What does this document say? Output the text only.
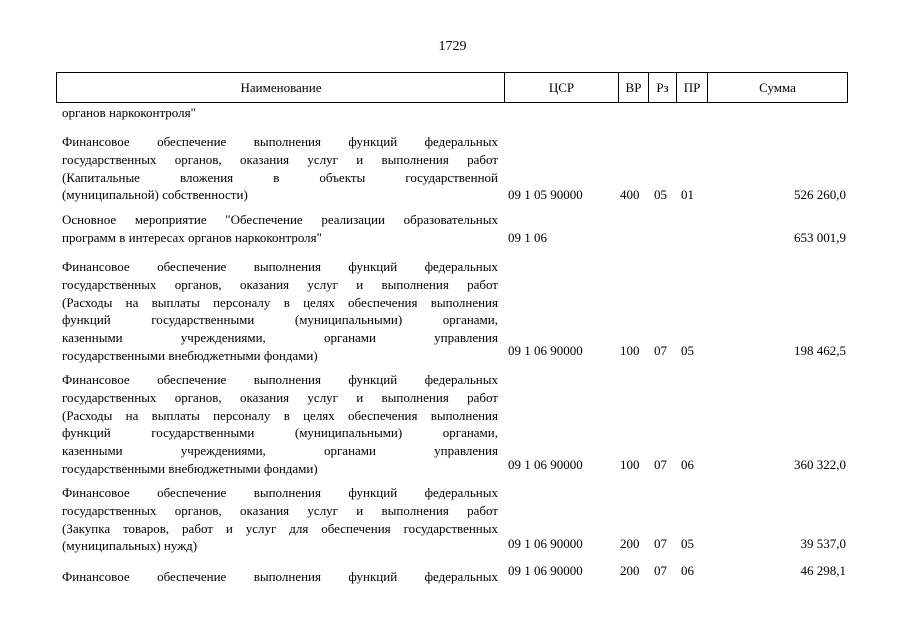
1729
Наименование	ЦСР	ВР	Рз	ПР	Сумма
органов наркоконтроля"
Финансовое обеспечение выполнения функций федеральных
государственных органов, оказания услуг и выполнения работ
(Капитальные вложения в объекты государственной
(муниципальной) собственности)	09 1 05 90000	400 05 01	526 260,0
Основное мероприятие "Обеспечение реализации образовательных
программ в интересах органов наркоконтроля"	09 1 06	653 001,9
Финансовое обеспечение выполнения функций федеральных
государственных органов, оказания услуг и выполнения работ
(Расходы на выплаты персоналу в целях обеспечения выполнения
функций государственными (муниципальными) органами,
казенными учреждениями, органами управления
государственными внебюджетными фондами)	09 1 06 90000	100 07 05	198 462,5
Финансовое обеспечение выполнения функций федеральных
государственных органов, оказания услуг и выполнения работ
(Расходы на выплаты персоналу в целях обеспечения выполнения
функций государственными (муниципальными) органами,
казенными учреждениями, органами управления
государственными внебюджетными фондами)	09 1 06 90000	100 07 06	360 322,0
Финансовое обеспечение выполнения функций федеральных
государственных органов, оказания услуг и выполнения работ
(Закупка товаров, работ и услуг для обеспечения государственных
(муниципальных) нужд)	09 1 06 90000	200 07 05	39 537,0
Финансовое обеспечение выполнения функций федеральных 09 1 06 90000	200 07 06	46 298,1
